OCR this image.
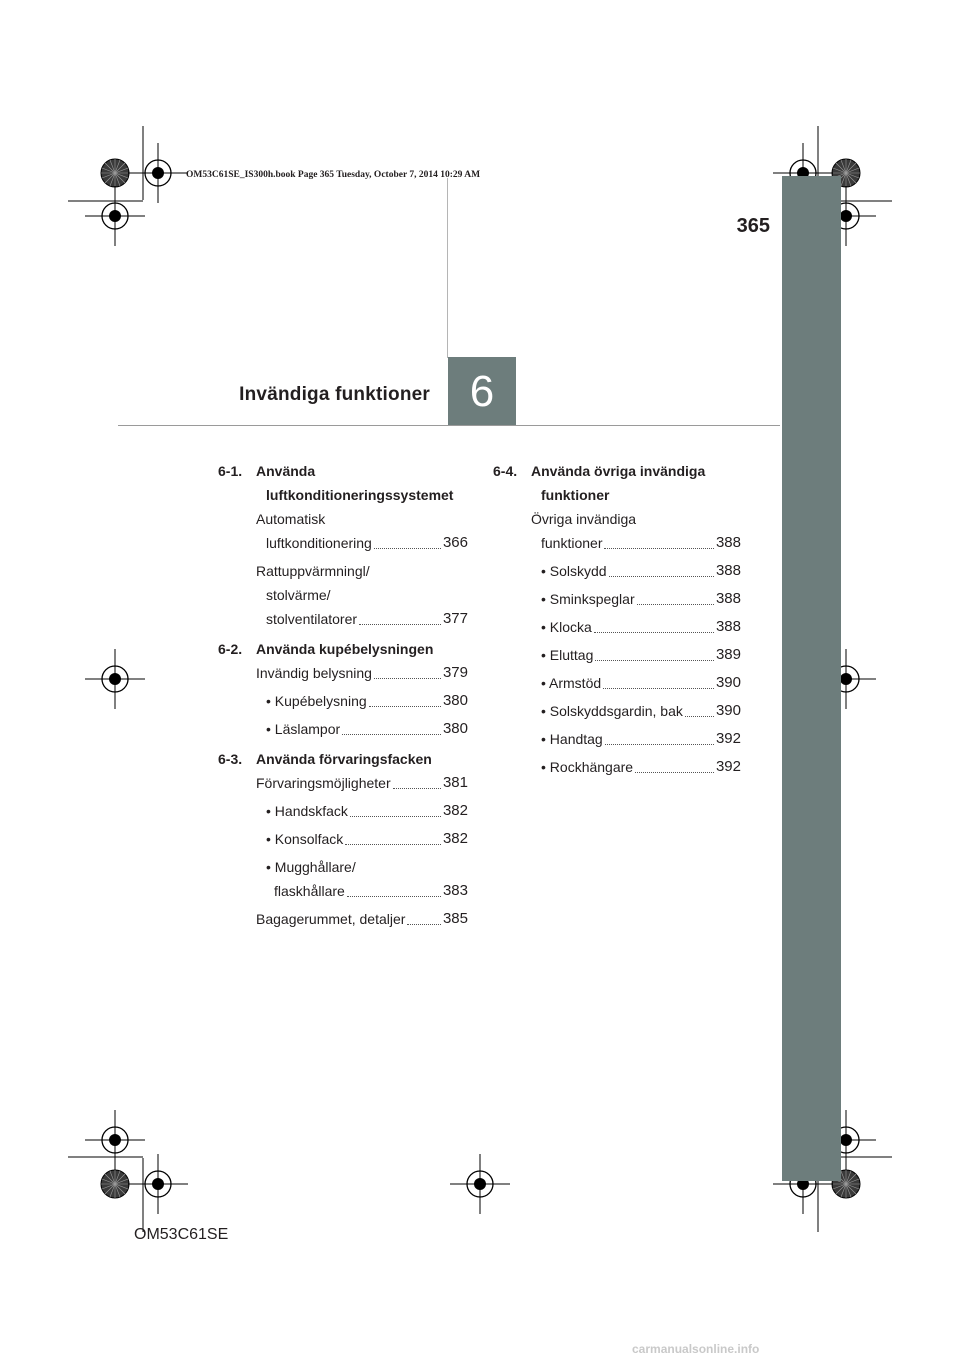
OM53C61SE_IS300h.book Page 365 Tuesday, October 7, 2014 10:29 AM
365
Invändiga funktioner 6
6-1. Använda
luftkonditioneringssystemet
Automatisk
luftkonditionering	366
Rattuppvärmningl/
stolvärme/
stolventilatorer	377
6-2. Använda kupébelysningen
Invändig belysning	379
• Kupébelysning	380
• Läslampor	380
6-3. Använda förvaringsfacken
Förvaringsmöjligheter	381
• Handskfack	382
• Konsolfack	382
• Mugghållare/
flaskhållare	383
Bagagerummet, detaljer	385
6-4. Använda övriga invändiga
funktioner
Övriga invändiga
funktioner	388
• Solskydd	388
• Sminkspeglar	388
• Klocka	388
• Eluttag	389
• Armstöd	390
• Solskyddsgardin, bak 390
• Handtag	392
• Rockhängare	392
OM53C61SE
carmanualsonline.info
